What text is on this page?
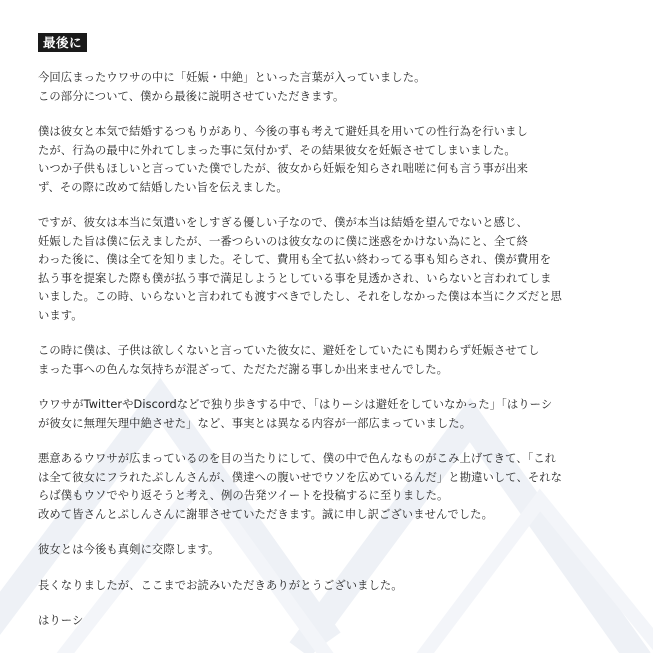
最後に

今回広まったウワサの中に「妊娠・中絶」といった言葉が入っていました。
この部分について、僕から最後に説明させていただきます。

僕は彼女と本気で結婚するつもりがあり、今後の事も考えて避妊具を用いての性行為を行いまし
たが、行為の最中に外れてしまった事に気付かず、その結果彼女を妊娠させてしまいました。
いつか子供もほしいと言っていた僕でしたが、彼女から妊娠を知らされ咄嗟に何も言う事が出来
ず、その際に改めて結婚したい旨を伝えました。

ですが、彼女は本当に気遣いをしすぎる優しい子なので、僕が本当は結婚を望んでないと感じ、
妊娠した旨は僕に伝えましたが、一番つらいのは彼女なのに僕に迷惑をかけない為にと、全て終
わった後に、僕は全てを知りました。そして、費用も全て払い終わってる事も知らされ、僕が費用を
払う事を提案した際も僕が払う事で満足しようとしている事を見透かされ、いらないと言われてしま
いました。この時、いらないと言われても渡すべきでしたし、それをしなかった僕は本当にクズだと思
います。

この時に僕は、子供は欲しくないと言っていた彼女に、避妊をしていたにも関わらず妊娠させてし
まった事への色んな気持ちが混ざって、ただただ謝る事しか出来ませんでした。

ウワサがTwitterやDiscordなどで独り歩きする中で、「はりーシは避妊をしていなかった」「はりーシ
が彼女に無理矢理中絶させた」など、事実とは異なる内容が一部広まっていました。

悪意あるウワサが広まっているのを目の当たりにして、僕の中で色んなものがこみ上げてきて、「これ
は全て彼女にフラれたぷしんさんが、僕達への腹いせでウソを広めているんだ」と勘違いして、それな
らば僕もウソでやり返そうと考え、例の告発ツイートを投稿するに至りました。
改めて皆さんとぷしんさんに謝罪させていただきます。誠に申し訳ございませんでした。

彼女とは今後も真剣に交際します。

長くなりましたが、ここまでお読みいただきありがとうございました。

はりーシ
